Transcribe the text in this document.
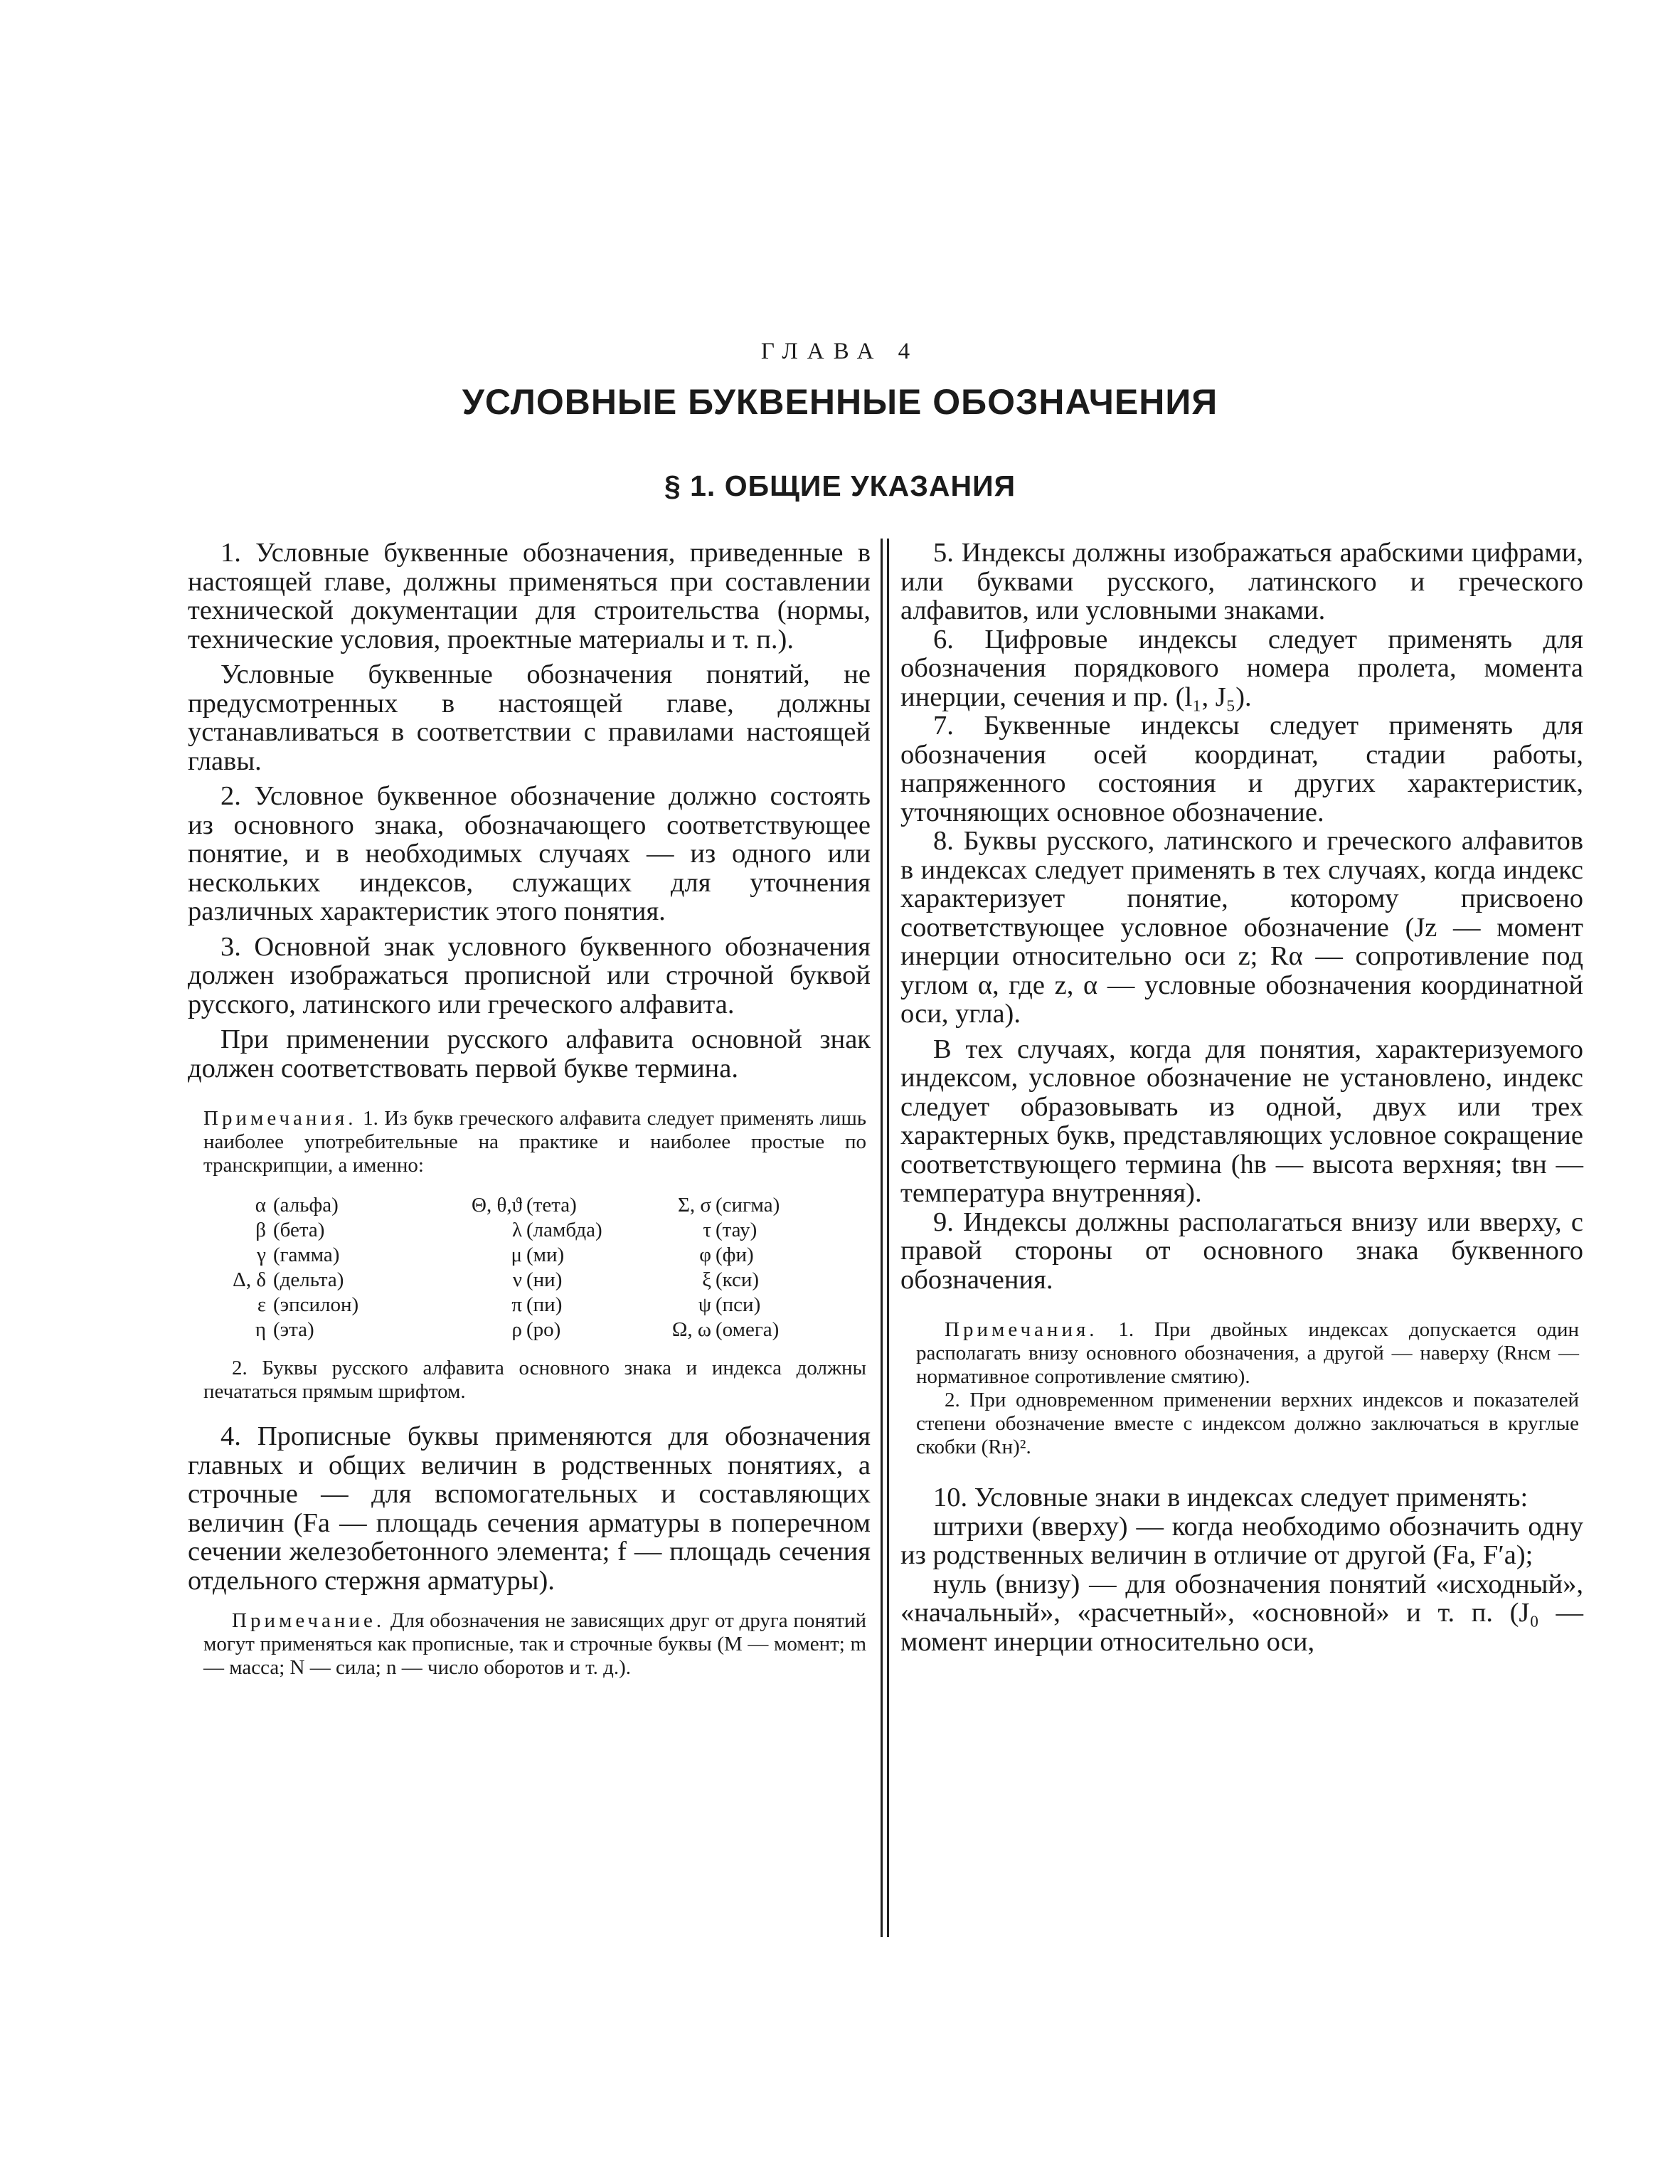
ГЛАВА 4
УСЛОВНЫЕ БУКВЕННЫЕ ОБОЗНАЧЕНИЯ
§ 1. ОБЩИЕ УКАЗАНИЯ

1. Условные буквенные обозначения, приведенные в настоящей главе, должны применяться при составлении технической документации для строительства (нормы, технические условия, проектные материалы и т. п.).

Условные буквенные обозначения понятий, не предусмотренных в настоящей главе, должны устанавливаться в соответствии с правилами настоящей главы.

2. Условное буквенное обозначение должно состоять из основного знака, обозначающего соответствующее понятие, и в необходимых случаях — из одного или нескольких индексов, служащих для уточнения различных характеристик этого понятия.

3. Основной знак условного буквенного обозначения должен изображаться прописной или строчной буквой русского, латинского или греческого алфавита.

При применении русского алфавита основной знак должен соответствовать первой букве термина.

Примечания. 1. Из букв греческого алфавита следует применять лишь наиболее употребительные на практике и наиболее простые по транскрипции, а именно:

α	(альфа)	Θ, θ,ϑ	(тета)	Σ, σ	(сигма)
β	(бета)	λ	(ламбда)	τ	(тау)
γ	(гамма)	μ	(ми)	φ	(фи)
Δ, δ	(дельта)	ν	(ни)	ξ	(кси)
ε	(эпсилон)	π	(пи)	ψ	(пси)
η	(эта)	ρ	(ро)	Ω, ω	(омега)

2. Буквы русского алфавита основного знака и индекса должны печататься прямым шрифтом.

4. Прописные буквы применяются для обозначения главных и общих величин в родственных понятиях, а строчные — для вспомогательных и составляющих величин (Fa — площадь сечения арматуры в поперечном сечении железобетонного элемента; f — площадь сечения отдельного стержня арматуры).

Примечание. Для обозначения не зависящих друг от друга понятий могут применяться как прописные, так и строчные буквы (М — момент; m — масса; N — сила; n — число оборотов и т. д.).

5. Индексы должны изображаться арабскими цифрами, или буквами русского, латинского и греческого алфавитов, или условными знаками.

6. Цифровые индексы следует применять для обозначения порядкового номера пролета, момента инерции, сечения и пр. (l₁, J₅).

7. Буквенные индексы следует применять для обозначения осей координат, стадии работы, напряженного состояния и других характеристик, уточняющих основное обозначение.

8. Буквы русского, латинского и греческого алфавитов в индексах следует применять в тех случаях, когда индекс характеризует понятие, которому присвоено соответствующее условное обозначение (Jz — момент инерции относительно оси z; Rα — сопротивление под углом α, где z, α — условные обозначения координатной оси, угла).

В тех случаях, когда для понятия, характеризуемого индексом, условное обозначение не установлено, индекс следует образовывать из одной, двух или трех характерных букв, представляющих условное сокращение соответствующего термина (hв — высота верхняя; tвн — температура внутренняя).

9. Индексы должны располагаться внизу или вверху, с правой стороны от основного знака буквенного обозначения.

Примечания. 1. При двойных индексах допускается один располагать внизу основного обозначения, а другой — наверху (Rнсм — нормативное сопротивление смятию).

2. При одновременном применении верхних индексов и показателей степени обозначение вместе с индексом должно заключаться в круглые скобки (Rн)².

10. Условные знаки в индексах следует применять:

штрихи (вверху) — когда необходимо обозначить одну из родственных величин в отличие от другой (Fa, F′a);

нуль (внизу) — для обозначения понятий «исходный», «начальный», «расчетный», «основной» и т. п. (J₀ — момент инерции относительно оси,
